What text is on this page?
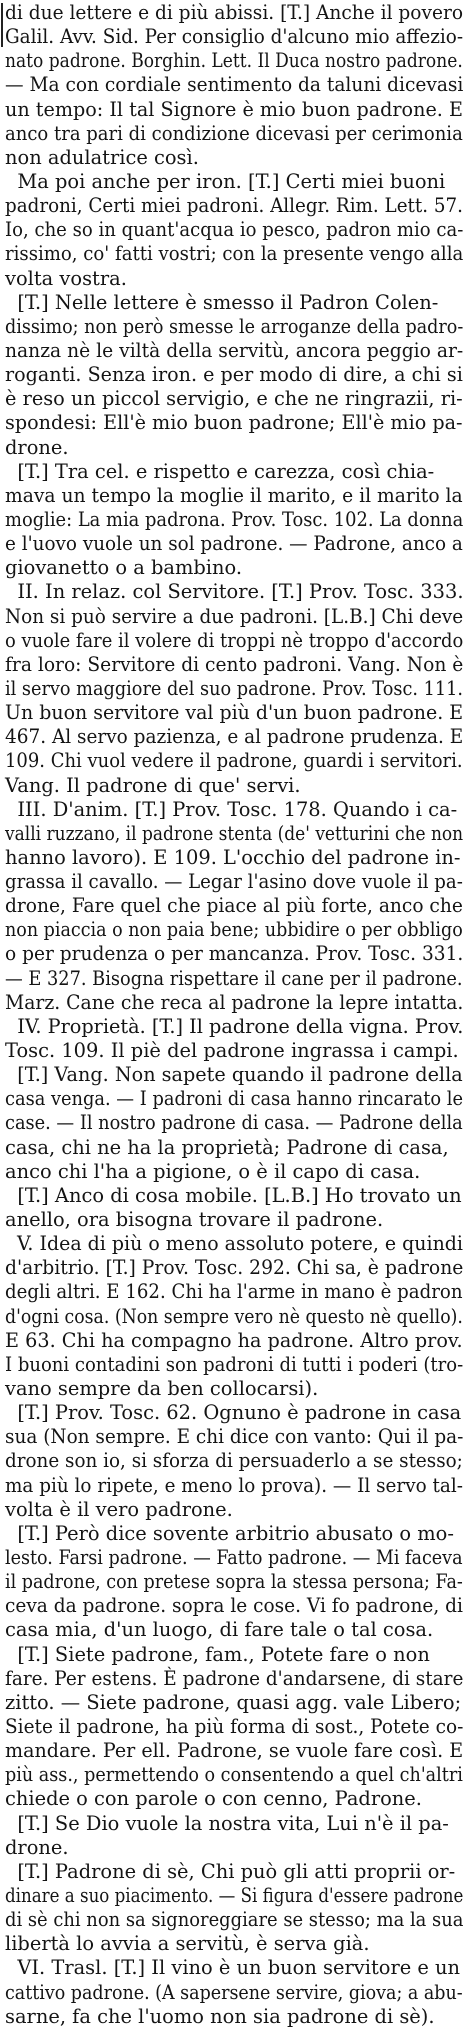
di due lettere e di più abissi. [T.] Anche il povero
Galil. Avv. Sid. Per consiglio d'alcuno mio affezio-
nato padrone. Borghin. Lett. Il Duca nostro padrone.
— Ma con cordiale sentimento da taluni dicevasi
un tempo: Il tal Signore è mio buon padrone. E
anco tra pari di condizione dicevasi per cerimonia
non adulatrice così.
Ma poi anche per iron. [T.] Certi miei buoni
padroni, Certi miei padroni. Allegr. Rim. Lett. 57.
Io, che so in quant'acqua io pesco, padron mio ca-
rissimo, co' fatti vostri; con la presente vengo alla
volta vostra.
[T.] Nelle lettere è smesso il Padron Colen-
dissimo; non però smesse le arroganze della padro-
nanza nè le viltà della servitù, ancora peggio ar-
roganti. Senza iron. e per modo di dire, a chi si
è reso un piccol servigio, e che ne ringrazii, ri-
spondesi: Ell'è mio buon padrone; Ell'è mio pa-
drone.
[T.] Tra cel. e rispetto e carezza, così chia-
mava un tempo la moglie il marito, e il marito la
moglie: La mia padrona. Prov. Tosc. 102. La donna
e l'uovo vuole un sol padrone. — Padrone, anco a
giovanetto o a bambino.
II. In relaz. col Servitore. [T.] Prov. Tosc. 333.
Non si può servire a due padroni. [L.B.] Chi deve
o vuole fare il volere di troppi nè troppo d'accordo
fra loro: Servitore di cento padroni. Vang. Non è
il servo maggiore del suo padrone. Prov. Tosc. 111.
Un buon servitore val più d'un buon padrone. E
467. Al servo pazienza, e al padrone prudenza. E
109. Chi vuol vedere il padrone, guardi i servitori.
Vang. Il padrone di que' servi.
III. D'anim. [T.] Prov. Tosc. 178. Quando i ca-
valli ruzzano, il padrone stenta (de' vetturini che non
hanno lavoro). E 109. L'occhio del padrone in-
grassa il cavallo. — Legar l'asino dove vuole il pa-
drone, Fare quel che piace al più forte, anco che
non piaccia o non paia bene; ubbidire o per obbligo
o per prudenza o per mancanza. Prov. Tosc. 331.
— E 327. Bisogna rispettare il cane per il padrone.
Marz. Cane che reca al padrone la lepre intatta.
IV. Proprietà. [T.] Il padrone della vigna. Prov.
Tosc. 109. Il piè del padrone ingrassa i campi.
[T.] Vang. Non sapete quando il padrone della
casa venga. — I padroni di casa hanno rincarato le
case. — Il nostro padrone di casa. — Padrone della
casa, chi ne ha la proprietà; Padrone di casa,
anco chi l'ha a pigione, o è il capo di casa.
[T.] Anco di cosa mobile. [L.B.] Ho trovato un
anello, ora bisogna trovare il padrone.
V. Idea di più o meno assoluto potere, e quindi
d'arbitrio. [T.] Prov. Tosc. 292. Chi sa, è padrone
degli altri. E 162. Chi ha l'arme in mano è padron
d'ogni cosa. (Non sempre vero nè questo nè quello).
E 63. Chi ha compagno ha padrone. Altro prov.
I buoni contadini son padroni di tutti i poderi (tro-
vano sempre da ben collocarsi).
[T.] Prov. Tosc. 62. Ognuno è padrone in casa
sua (Non sempre. E chi dice con vanto: Qui il pa-
drone son io, si sforza di persuaderlo a se stesso;
ma più lo ripete, e meno lo prova). — Il servo tal-
volta è il vero padrone.
[T.] Però dice sovente arbitrio abusato o mo-
lesto. Farsi padrone. — Fatto padrone. — Mi faceva
il padrone, con pretese sopra la stessa persona; Fa-
ceva da padrone. sopra le cose. Vi fo padrone, di
casa mia, d'un luogo, di fare tale o tal cosa.
[T.] Siete padrone, fam., Potete fare o non
fare. Per estens. È padrone d'andarsene, di stare
zitto. — Siete padrone, quasi agg. vale Libero;
Siete il padrone, ha più forma di sost., Potete co-
mandare. Per ell. Padrone, se vuole fare così. E
più ass., permettendo o consentendo a quel ch'altri
chiede o con parole o con cenno, Padrone.
[T.] Se Dio vuole la nostra vita, Lui n'è il pa-
drone.
[T.] Padrone di sè, Chi può gli atti proprii or-
dinare a suo piacimento. — Si figura d'essere padrone
di sè chi non sa signoreggiare se stesso; ma la sua
libertà lo avvia a servitù, è serva già.
VI. Trasl. [T.] Il vino è un buon servitore e un
cattivo padrone. (A sapersene servire, giova; a abu-
sarne, fa che l'uomo non sia padrone di sè).
